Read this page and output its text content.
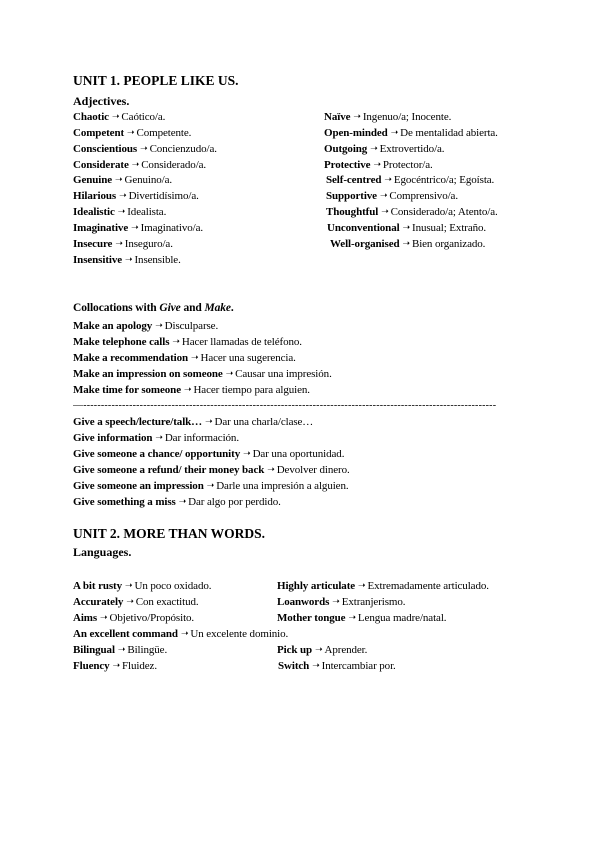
UNIT 1. PEOPLE LIKE US.
Adjectives.
Chaotic ➝ Caótico/a.
Competent ➝ Competente.
Conscientious ➝ Concienzudo/a.
Considerate ➝ Considerado/a.
Genuine ➝ Genuino/a.
Hilarious ➝ Divertidísimo/a.
Idealistic ➝ Idealista.
Imaginative ➝ Imaginativo/a.
Insecure ➝ Inseguro/a.
Insensitive ➝ Insensible.
Naïve ➝ Ingenuo/a; Inocente.
Open-minded ➝ De mentalidad abierta.
Outgoing ➝ Extrovertido/a.
Protective ➝ Protector/a.
Self-centred ➝ Egocéntrico/a; Egoísta.
Supportive ➝ Comprensivo/a.
Thoughtful ➝ Considerado/a; Atento/a.
Unconventional ➝ Inusual; Extraño.
Well-organised ➝ Bien organizado.
Collocations with Give and Make.
Make an apology ➝ Disculparse.
Make telephone calls ➝ Hacer llamadas de teléfono.
Make a recommendation ➝ Hacer una sugerencia.
Make an impression on someone ➝ Causar una impresión.
Make time for someone ➝ Hacer tiempo para alguien.
—---------------------------------------------------------------------------------------------------------------------
Give a speech/lecture/talk… ➝ Dar una charla/clase…
Give information ➝ Dar información.
Give someone a chance/ opportunity ➝ Dar una oportunidad.
Give someone a refund/ their money back ➝ Devolver dinero.
Give someone an impression ➝ Darle una impresión a alguien.
Give something a miss ➝ Dar algo por perdido.
UNIT 2. MORE THAN WORDS.
Languages.
A bit rusty ➝ Un poco oxidado.
Accurately ➝ Con exactitud.
Aims ➝ Objetivo/Propósito.
An excellent command ➝ Un excelente dominio.
Bilingual ➝ Bilingüe.
Fluency ➝ Fluidez.
Highly articulate ➝ Extremadamente articulado.
Loanwords ➝ Extranjerismo.
Mother tongue ➝ Lengua madre/natal.
Pick up ➝ Aprender.
Switch ➝ Intercambiar por.
